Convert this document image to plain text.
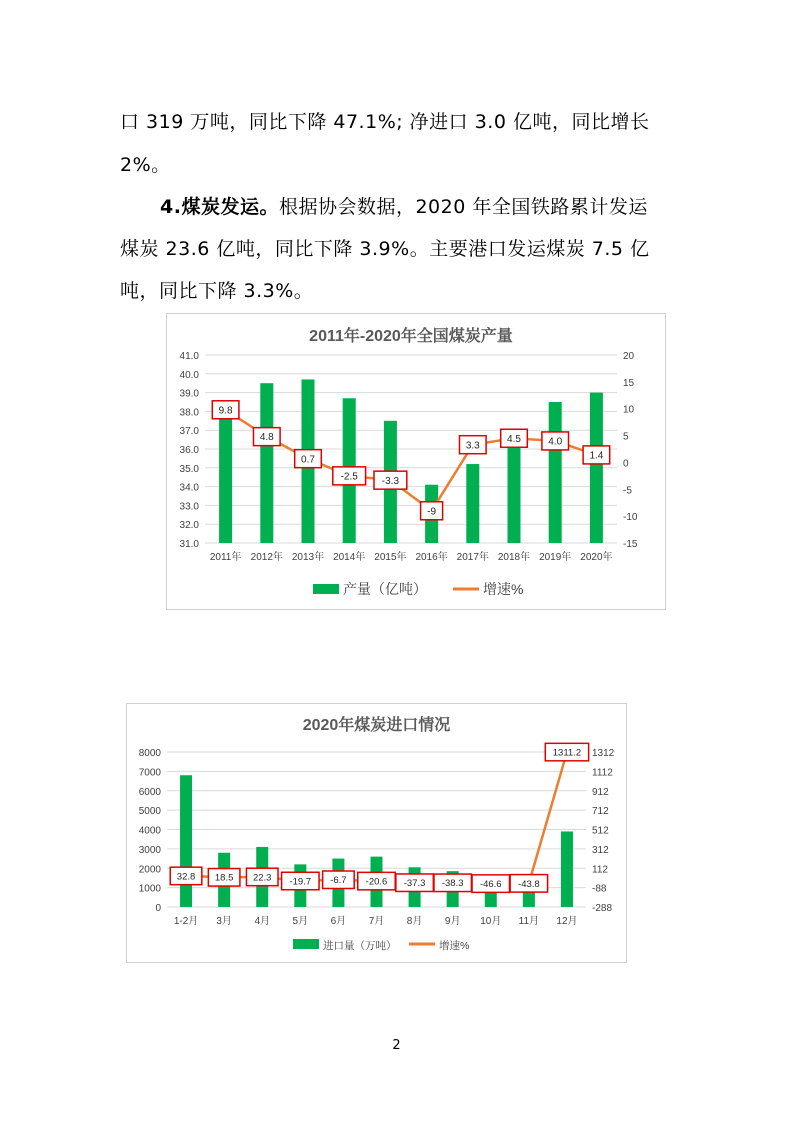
口 319 万吨，同比下降 47.1%; 净进口 3.0 亿吨，同比增长
2%。
4.煤炭发运。根据协会数据，2020 年全国铁路累计发运
煤炭 23.6 亿吨，同比下降 3.9%。主要港口发运煤炭 7.5 亿
吨，同比下降 3.3%。
2011年-2020年全国煤炭产量
41.0
40.0
39.0
38.0
37.0
36.0
35.0
34.0
33.0
32.0
31.0
20
15
10
5
0
-5
-10
-15
2011年 2012年 2013年 2014年 2015年 2016年 2017年 2018年 2019年 2020年
9.8
4.8
0.7
-2.5 -3.3
-9
3.3
4.5	4.0
1.4
产量（亿吨）	增速%
2020年煤炭进口情况
8000
7000
6000
5000
4000
3000
2000
1000
0
1312
1112
912
712
512
312
112
-88
-288
1-2月 3月 4月 5月 6月 7月 8月 9月 10月 11月 12月
32.8 18.5 22.3 -19.7 -6.7 -20.6 -37.3 -38.3 -46.6 -43.8
1311.2
进口量（万吨）	增速%
2
